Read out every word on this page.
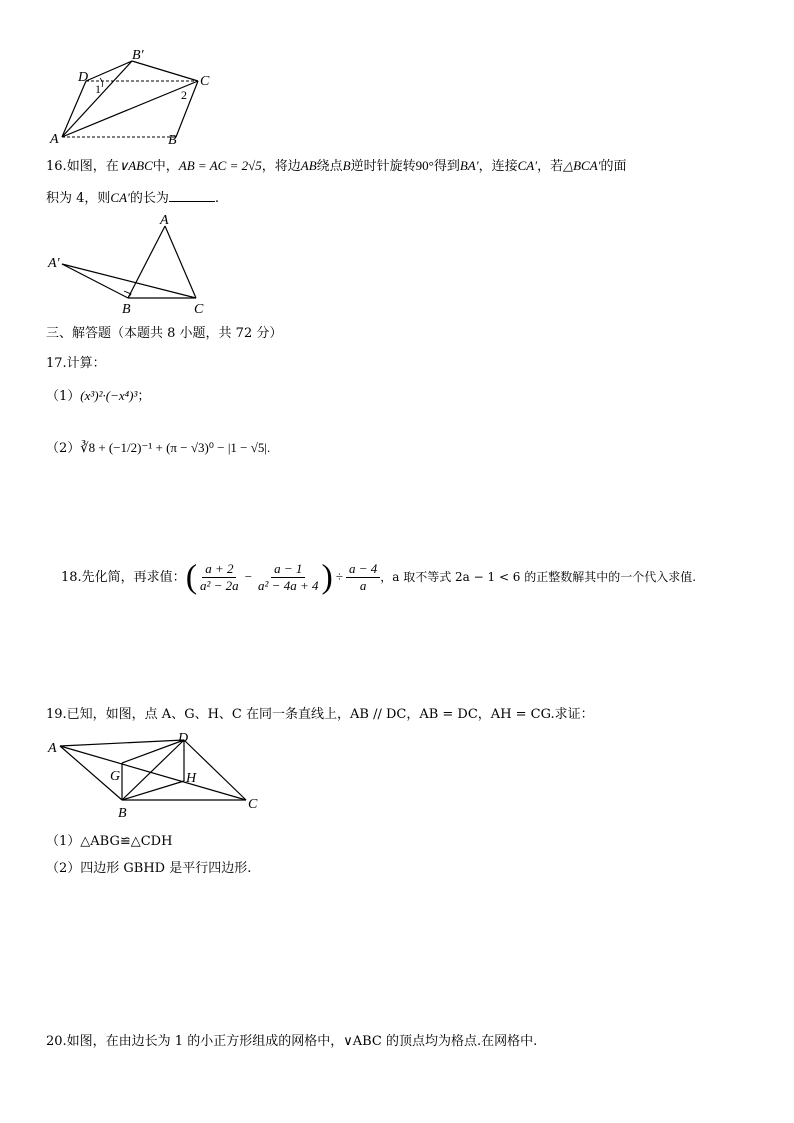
A	B
C
D
B′
1	2
16.如图，在∨ABC中，AB = AC = 2√5，将边AB绕点B逆时针旋转90°得到BA′，连接CA′，若△BCA′的面
积为 4，则CA′的长为	.
A
A′
B	C
三、解答题（本题共 8 小题，共 72 分）
17.计算：
（1）(x³)²·(−x⁴)³；
（2）∛8 + (−1/2)⁻¹ + (π − √3)⁰ − |1 − √5|.
18.先化简，再求值：( $\frac{a + 2}{\text{a² − 2a}} - \frac{a - 1}{\text{a² − 4a + 4}}$ ) ÷ $\frac{a - 4}{a}$ ，a 取不等式 2a − 1 < 6 的正整数解其中的一个代入求值.
19.已知，如图，点 A、G、H、C 在同一条直线上，AB // DC，AB = DC，AH = CG.求证：
A
D
G	H
B
C
（1）△ABG≌△CDH
（2）四边形 GBHD 是平行四边形.
20.如图，在由边长为 1 的小正方形组成的网格中，∨ABC 的顶点均为格点.在网格中.
